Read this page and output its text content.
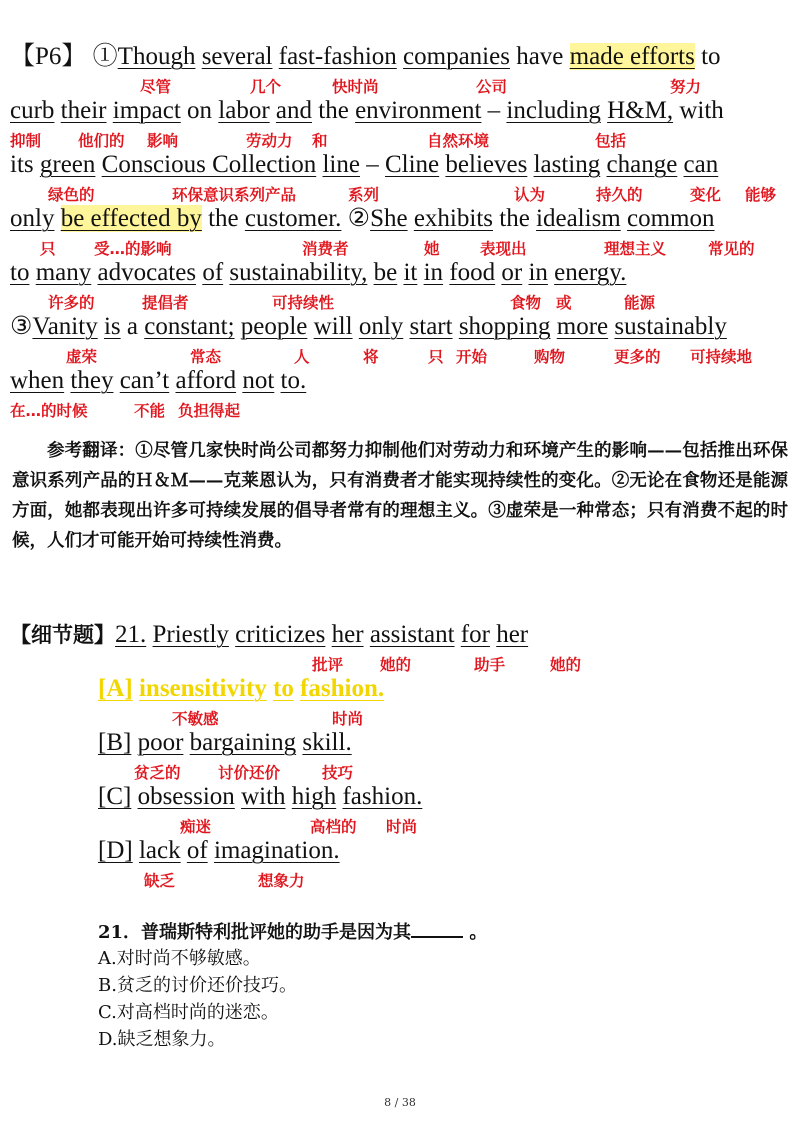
【P6】 ①Though several fast-fashion companies have made efforts to
尽管	几个	快时尚	公司	努力
curb their impact on labor and the environment – including H&M, with
抑制 他们的 影响	劳动力 和	自然环境	包括
its green Conscious Collection line – Cline believes lasting change can
绿色的	环保意识系列产品	系列	认为	持久的	变化 能够
only be effected by the customer. ②She exhibits the idealism common
只 受…的影响	消费者	她	表现出	理想主义	常见的
to many advocates of sustainability, be it in food or in energy.
许多的	提倡者	可持续性	食物 或	能源
③Vanity is a constant; people will only start shopping more sustainably
虚荣	常态	人	将	只 开始	购物	更多的 可持续地
when they can’t afford not to.
在…的时候	不能 负担得起
参考翻译：①尽管几家快时尚公司都努力抑制他们对劳动力和环境产生的影响——包括推出环保意识系列产品的Ｈ＆Ｍ——克莱恩认为，只有消费者才能实现持续性的变化。②无论在食物还是能源方面，她都表现出许多可持续发展的倡导者常有的理想主义。③虚荣是一种常态；只有消费不起的时候，人们才可能开始可持续性消费。
【细节题】21. Priestly criticizes her assistant for her
批评 她的	助手	她的
[A] insensitivity to fashion.
不敏感	时尚
[B] poor bargaining skill.
贫乏的 讨价还价	技巧
[C] obsession with high fashion.
痴迷	高档的 时尚
[D] lack of imagination.
缺乏	想象力
21．普瑞斯特利批评她的助手是因为其	。
A.对时尚不够敏感。
B.贫乏的讨价还价技巧。
C.对高档时尚的迷恋。
D.缺乏想象力。
8 / 38
